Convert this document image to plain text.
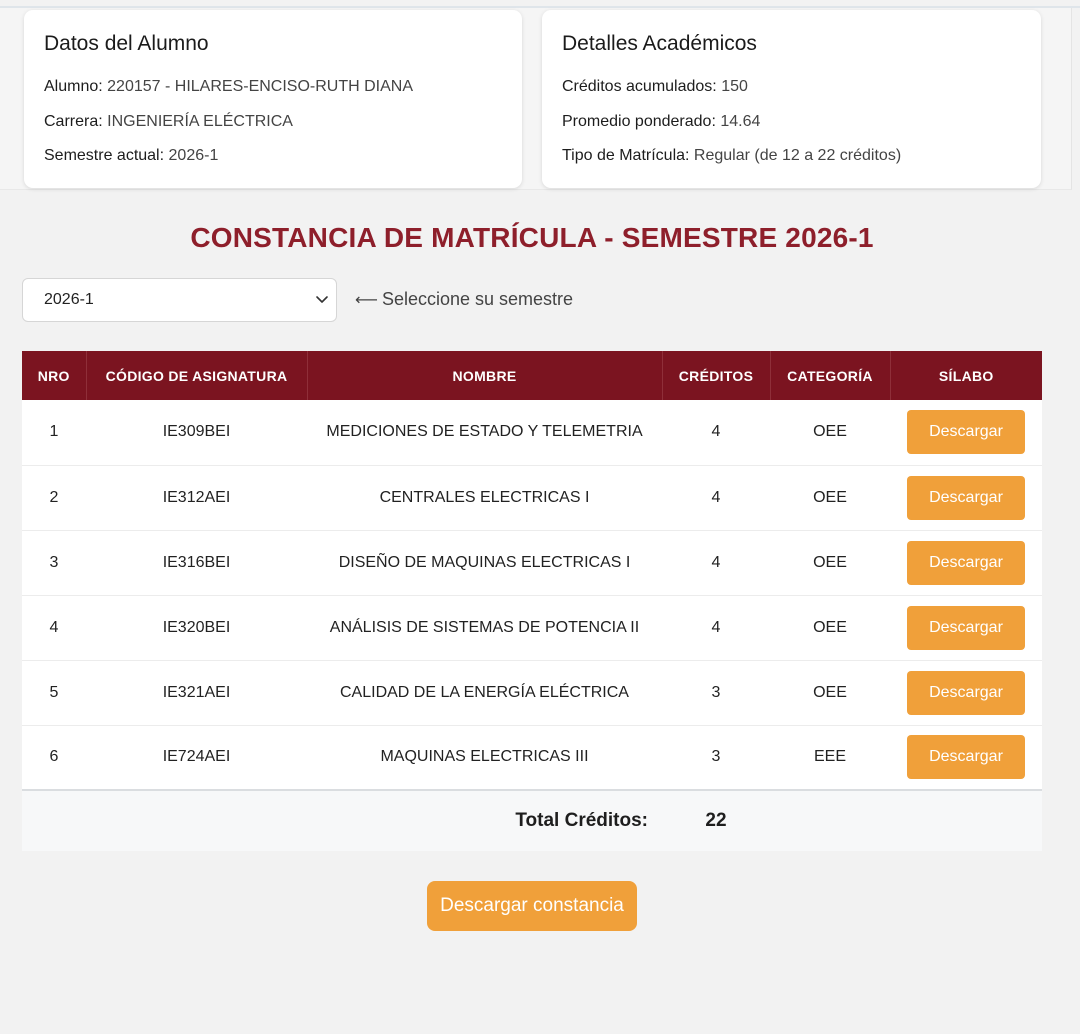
Datos del Alumno
Alumno: 220157 - HILARES-ENCISO-RUTH DIANA
Carrera: INGENIERÍA ELÉCTRICA
Semestre actual: 2026-1
Detalles Académicos
Créditos acumulados: 150
Promedio ponderado: 14.64
Tipo de Matrícula: Regular (de 12 a 22 créditos)
CONSTANCIA DE MATRÍCULA - SEMESTRE 2026-1
2026-1	⟵ Seleccione su semestre
NRO	CÓDIGO DE ASIGNATURA	NOMBRE	CRÉDITOS	CATEGORÍA	SÍLABO
1	IE309BEI	MEDICIONES DE ESTADO Y TELEMETRIA	4	OEE	Descargar
2	IE312AEI	CENTRALES ELECTRICAS I	4	OEE	Descargar
3	IE316BEI	DISEÑO DE MAQUINAS ELECTRICAS I	4	OEE	Descargar
4	IE320BEI	ANÁLISIS DE SISTEMAS DE POTENCIA II	4	OEE	Descargar
5	IE321AEI	CALIDAD DE LA ENERGÍA ELÉCTRICA	3	OEE	Descargar
6	IE724AEI	MAQUINAS ELECTRICAS III	3	EEE	Descargar
Total Créditos:			22		
Descargar constancia
